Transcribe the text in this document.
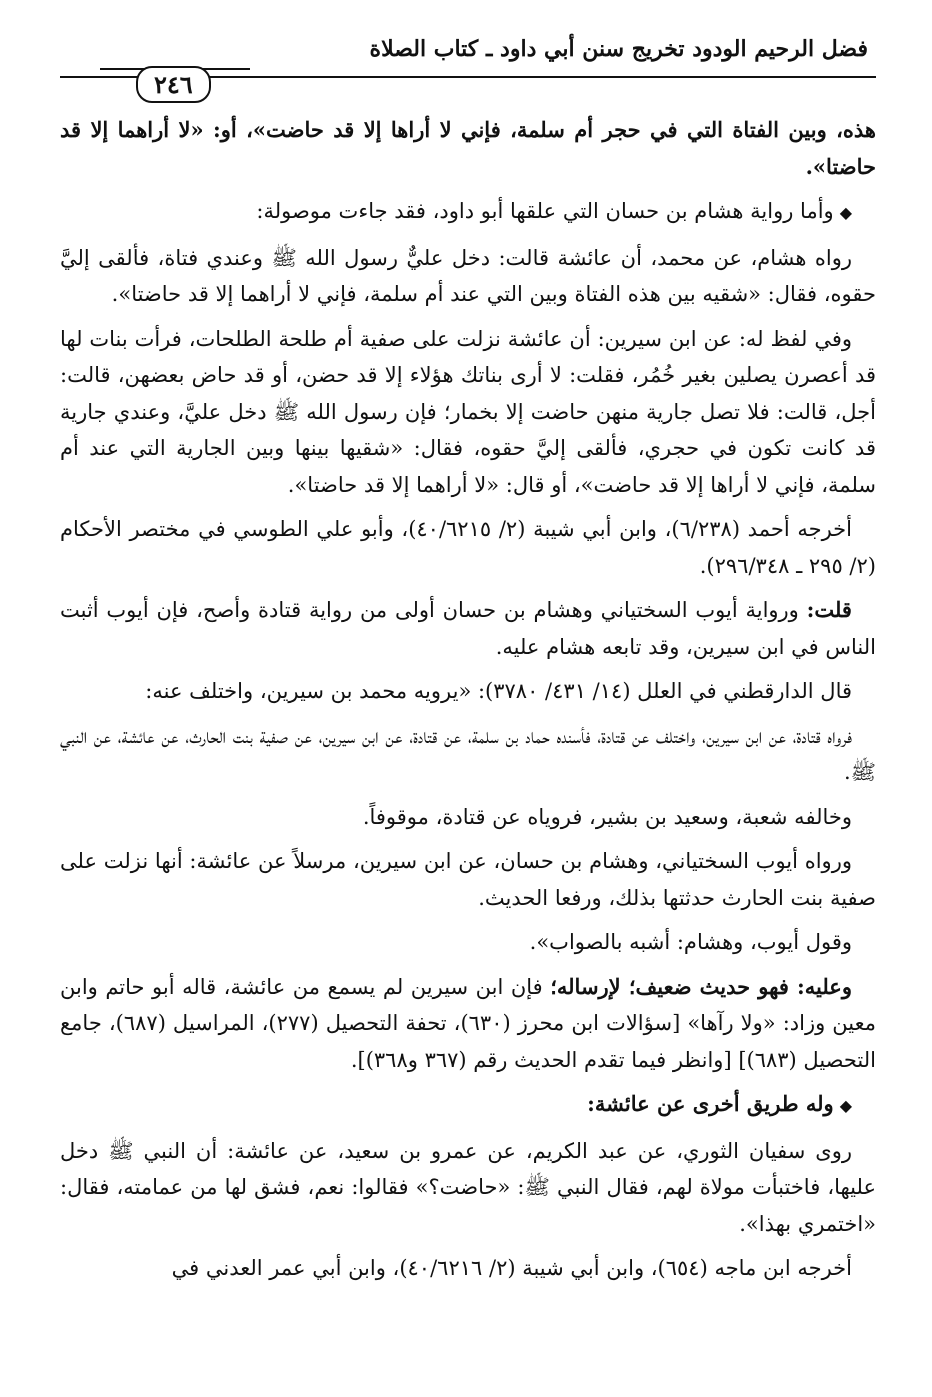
فضل الرحيم الودود تخريج سنن أبي داود ـ كتاب الصلاة
٢٤٦

هذه، وبين الفتاة التي في حجر أم سلمة، فإني لا أراها إلا قد حاضت»، أو: «لا أراهما إلا قد حاضتا».

◆وأما رواية هشام بن حسان التي علقها أبو داود، فقد جاءت موصولة:

رواه هشام، عن محمد، أن عائشة قالت: دخل عليٌّ رسول الله ﷺ وعندي فتاة، فألقى إليَّ حقوه، فقال: «شقيه بين هذه الفتاة وبين التي عند أم سلمة، فإني لا أراهما إلا قد حاضتا».

وفي لفظ له: عن ابن سيرين: أن عائشة نزلت على صفية أم طلحة الطلحات، فرأت بنات لها قد أعصرن يصلين بغير خُمُر، فقلت: لا أرى بناتك هؤلاء إلا قد حضن، أو قد حاض بعضهن، قالت: أجل، قالت: فلا تصل جارية منهن حاضت إلا بخمار؛ فإن رسول الله ﷺ دخل عليَّ، وعندي جارية قد كانت تكون في حجري، فألقى إليَّ حقوه، فقال: «شقيها بينها وبين الجارية التي عند أم سلمة، فإني لا أراها إلا قد حاضت»، أو قال: «لا أراهما إلا قد حاضتا».

أخرجه أحمد (٦/٢٣٨)، وابن أبي شيبة (٢/ ٤٠/٦٢١٥)، وأبو علي الطوسي في مختصر الأحكام (٢/ ٢٩٥ ـ ٢٩٦/٣٤٨).

قلت: ورواية أيوب السختياني وهشام بن حسان أولى من رواية قتادة وأصح، فإن أيوب أثبت الناس في ابن سيرين، وقد تابعه هشام عليه.

قال الدارقطني في العلل (١٤/ ٤٣١/ ٣٧٨٠): «يرويه محمد بن سيرين، واختلف عنه:

فرواه قتادة، عن ابن سيرين، واختلف عن قتادة، فأسنده حماد بن سلمة، عن قتادة، عن ابن سيرين، عن صفية بنت الحارث، عن عائشة، عن النبي ﷺ.

وخالفه شعبة، وسعيد بن بشير، فروياه عن قتادة، موقوفاً.

ورواه أيوب السختياني، وهشام بن حسان، عن ابن سيرين، مرسلاً عن عائشة: أنها نزلت على صفية بنت الحارث حدثتها بذلك، ورفعا الحديث.

وقول أيوب، وهشام: أشبه بالصواب».

وعليه: فهو حديث ضعيف؛ لإرساله؛ فإن ابن سيرين لم يسمع من عائشة، قاله أبو حاتم وابن معين وزاد: «ولا رآها» [سؤالات ابن محرز (٦٣٠)، تحفة التحصيل (٢٧٧)، المراسيل (٦٨٧)، جامع التحصيل (٦٨٣)] [وانظر فيما تقدم الحديث رقم (٣٦٧ و٣٦٨)].

◆وله طريق أخرى عن عائشة:

روى سفيان الثوري، عن عبد الكريم، عن عمرو بن سعيد، عن عائشة: أن النبي ﷺ دخل عليها، فاختبأت مولاة لهم، فقال النبي ﷺ: «حاضت؟» فقالوا: نعم، فشق لها من عمامته، فقال: «اختمري بهذا».

أخرجه ابن ماجه (٦٥٤)، وابن أبي شيبة (٢/ ٤٠/٦٢١٦)، وابن أبي عمر العدني في
